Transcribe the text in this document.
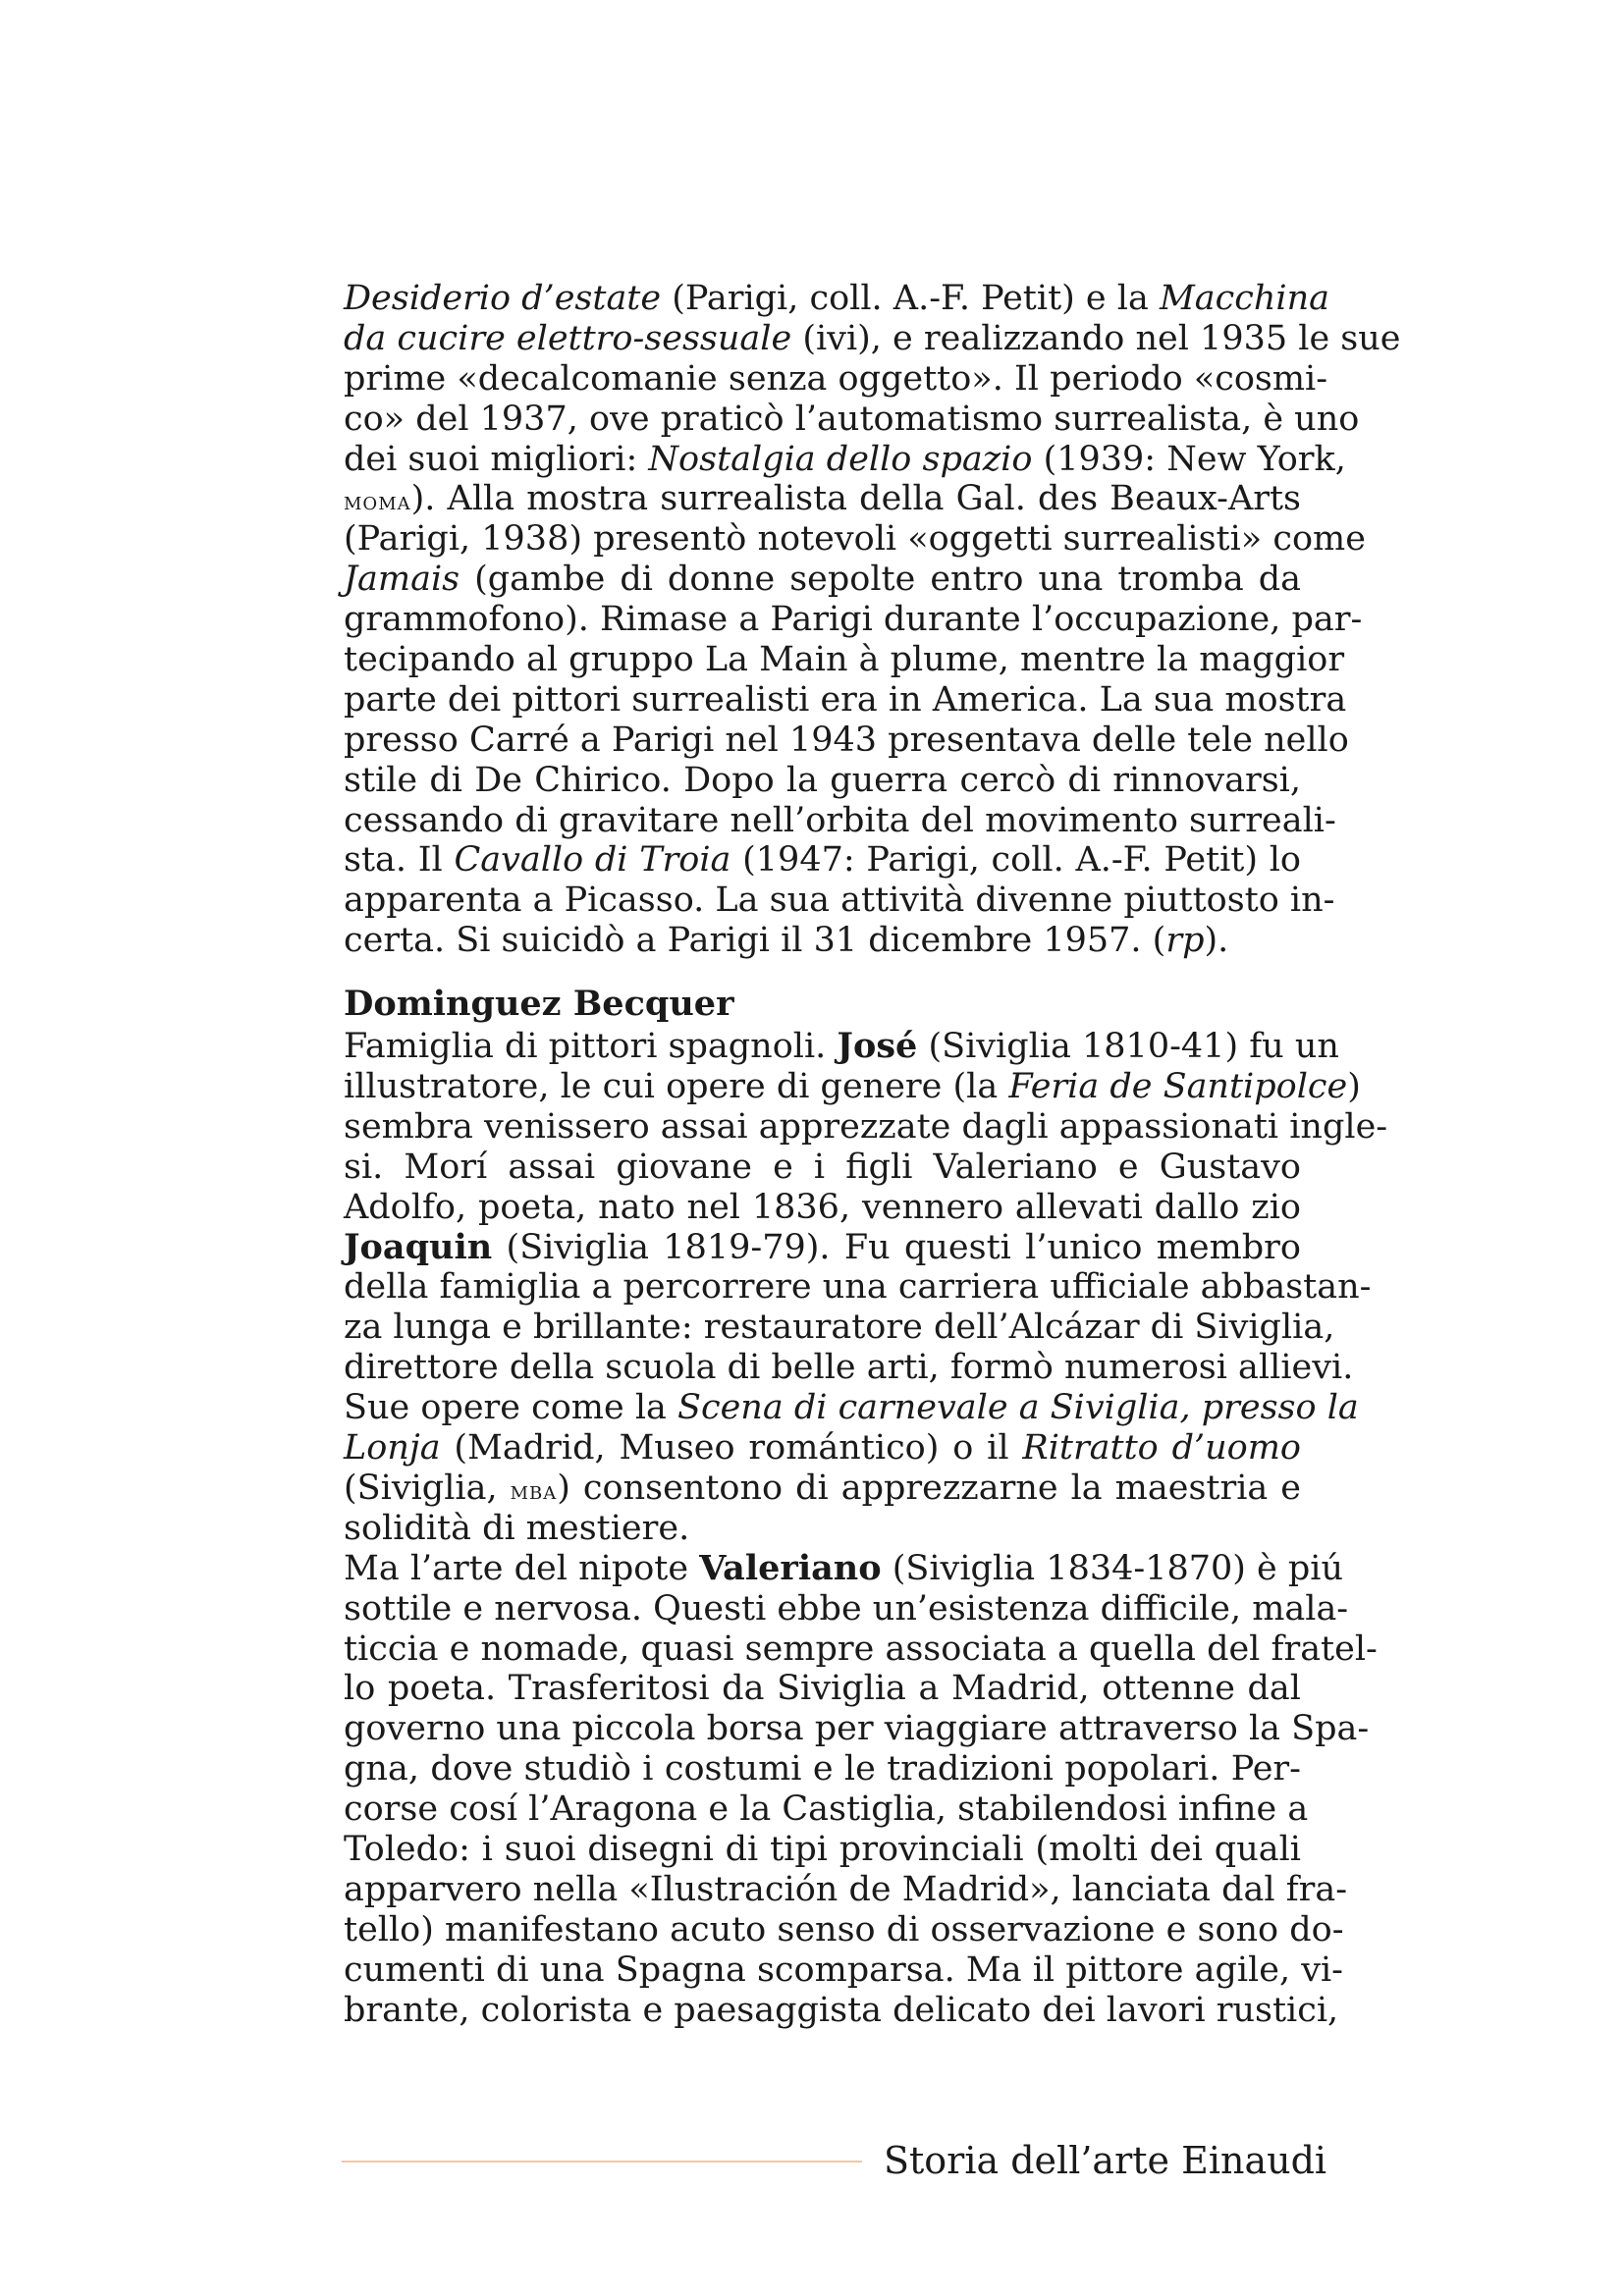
Desiderio d’estate (Parigi, coll. A.-F. Petit) e la Macchina
da cucire elettro-sessuale (ivi), e realizzando nel 1935 le sue
prime «decalcomanie senza oggetto». Il periodo «cosmi-
co» del 1937, ove praticò l’automatismo surrealista, è uno
dei suoi migliori: Nostalgia dello spazio (1939: New York,
moma). Alla mostra surrealista della Gal. des Beaux-Arts
(Parigi, 1938) presentò notevoli «oggetti surrealisti» come
Jamais (gambe di donne sepolte entro una tromba da
grammofono). Rimase a Parigi durante l’occupazione, par-
tecipando al gruppo La Main à plume, mentre la maggior
parte dei pittori surrealisti era in America. La sua mostra
presso Carré a Parigi nel 1943 presentava delle tele nello
stile di De Chirico. Dopo la guerra cercò di rinnovarsi,
cessando di gravitare nell’orbita del movimento surreali-
sta. Il Cavallo di Troia (1947: Parigi, coll. A.-F. Petit) lo
apparenta a Picasso. La sua attività divenne piuttosto in-
certa. Si suicidò a Parigi il 31 dicembre 1957. (rp).
Dominguez Becquer
Famiglia di pittori spagnoli. José (Siviglia 1810-41) fu un
illustratore, le cui opere di genere (la Feria de Santipolce)
sembra venissero assai apprezzate dagli appassionati ingle-
si. Morí assai giovane e i figli Valeriano e Gustavo
Adolfo, poeta, nato nel 1836, vennero allevati dallo zio
Joaquin (Siviglia 1819-79). Fu questi l’unico membro
della famiglia a percorrere una carriera ufficiale abbastan-
za lunga e brillante: restauratore dell’Alcázar di Siviglia,
direttore della scuola di belle arti, formò numerosi allievi.
Sue opere come la Scena di carnevale a Siviglia, presso la
Lonja (Madrid, Museo romántico) o il Ritratto d’uomo
(Siviglia, mba) consentono di apprezzarne la maestria e
solidità di mestiere.
Ma l’arte del nipote Valeriano (Siviglia 1834-1870) è piú
sottile e nervosa. Questi ebbe un’esistenza difficile, mala-
ticcia e nomade, quasi sempre associata a quella del fratel-
lo poeta. Trasferitosi da Siviglia a Madrid, ottenne dal
governo una piccola borsa per viaggiare attraverso la Spa-
gna, dove studiò i costumi e le tradizioni popolari. Per-
corse cosí l’Aragona e la Castiglia, stabilendosi infine a
Toledo: i suoi disegni di tipi provinciali (molti dei quali
apparvero nella «Ilustración de Madrid», lanciata dal fra-
tello) manifestano acuto senso di osservazione e sono do-
cumenti di una Spagna scomparsa. Ma il pittore agile, vi-
brante, colorista e paesaggista delicato dei lavori rustici,
Storia dell’arte Einaudi
